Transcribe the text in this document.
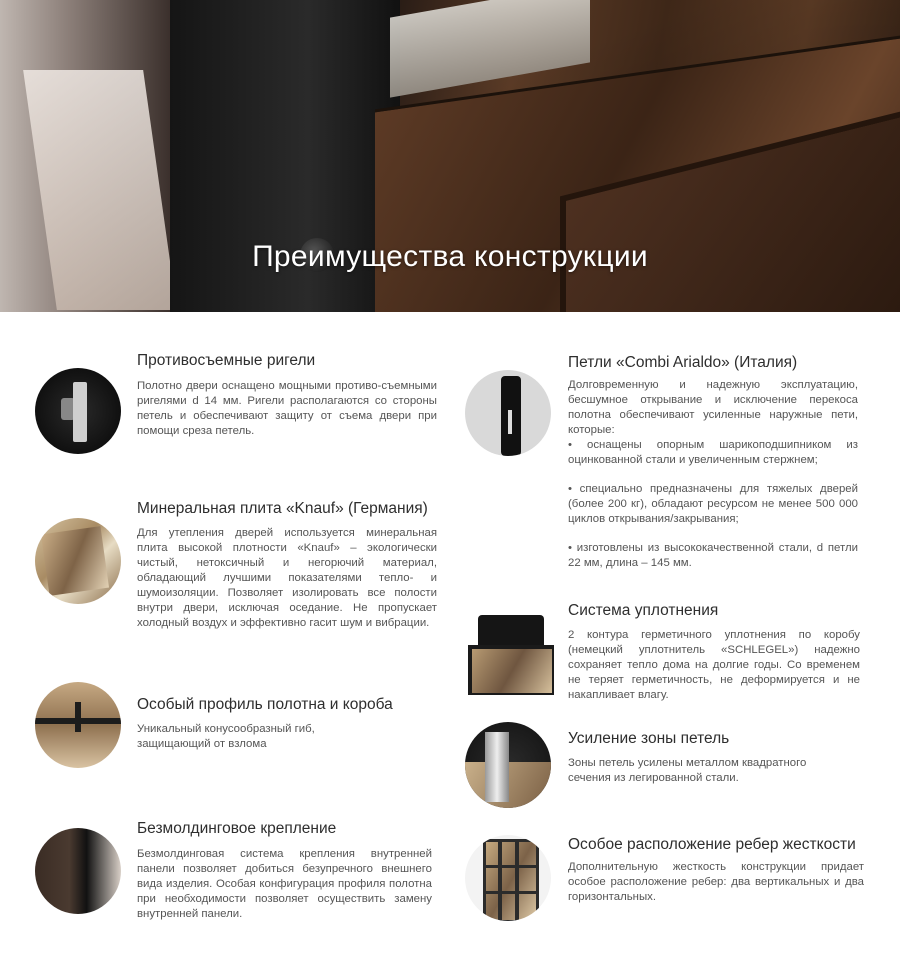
Преимущества конструкции
Противосъемные ригели

Полотно двери оснащено мощными противо-съемными ригелями d 14 мм. Ригели располагаются со стороны петель и обеспечивают защиту от съема двери при помощи среза петель.

Минеральная плита «Knauf» (Германия)

Для утепления дверей используется минеральная плита высокой плотности «Knauf» – экологически чистый, нетоксичный и негорючий материал, обладающий лучшими показателями тепло- и шумоизоляции. Позволяет изолировать все полости внутри двери, исключая оседание. Не пропускает холодный воздух и эффективно гасит шум и вибрации.

Особый профиль полотна и короба

Уникальный конусообразный гиб, защищающий от взлома

Безмолдинговое крепление

Безмолдинговая система крепления внутренней панели позволяет добиться безупречного внешнего вида изделия. Особая конфигурация профиля полотна при необходимости позволяет осуществить замену внутренней панели.

Петли «Combi Arialdo» (Италия)

Долговременную и надежную эксплуатацию, бесшумное открывание и исключение перекоса полотна обеспечивают усиленные наружные пети, которые:

• оснащены опорным шарикоподшипником из оцинкованной стали и увеличенным стержнем;

• специально предназначены для тяжелых дверей (более 200 кг), обладают ресурсом не менее 500 000 циклов открывания/закрывания;

• изготовлены из высококачественной стали, d петли 22 мм, длина – 145 мм.

Система уплотнения

2 контура герметичного уплотнения по коробу (немецкий уплотнитель «SCHLEGEL») надежно сохраняет тепло дома на долгие годы. Со временем не теряет герметичность, не деформируется и не накапливает влагу.

Усиление зоны петель

Зоны петель усилены металлом квадратного сечения из легированной стали.

Особое расположение ребер жесткости

Дополнительную жесткость конструкции придает особое расположение ребер: два вертикальных и два горизонтальных.
